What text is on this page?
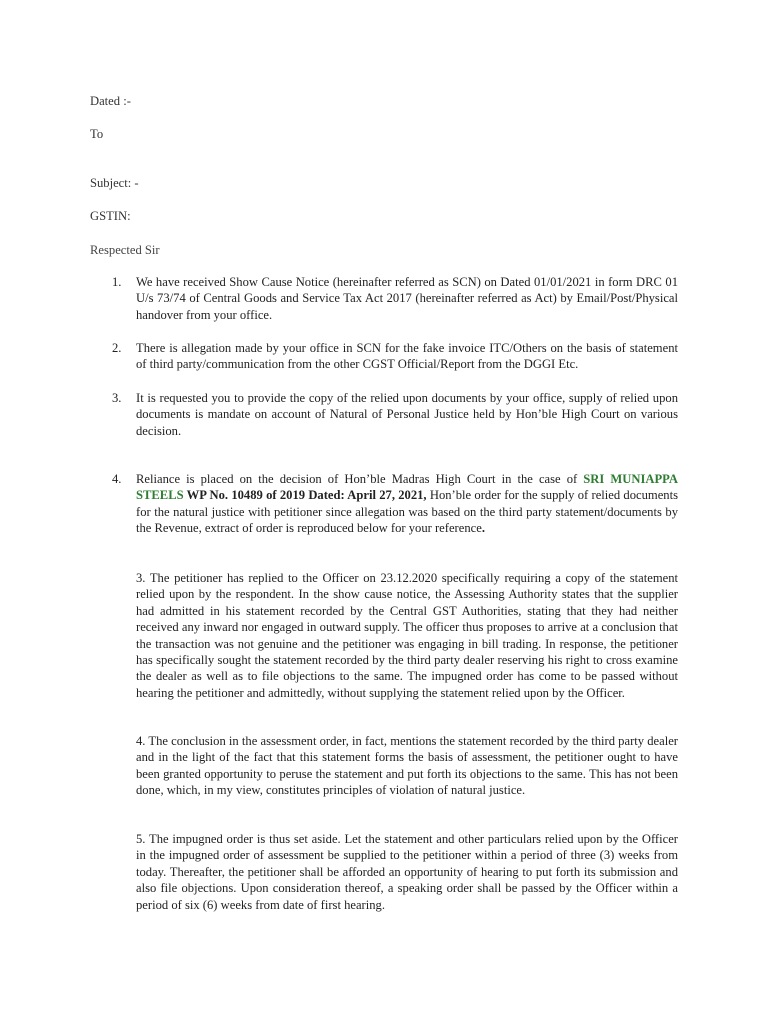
Dated :-
To
Subject: -
GSTIN:
Respected Sir
1. We have received Show Cause Notice (hereinafter referred as SCN) on Dated 01/01/2021 in form DRC 01 U/s 73/74 of Central Goods and Service Tax Act 2017 (hereinafter referred as Act) by Email/Post/Physical handover from your office.
2. There is allegation made by your office in SCN for the fake invoice ITC/Others on the basis of statement of third party/communication from the other CGST Official/Report from the DGGI Etc.
3. It is requested you to provide the copy of the relied upon documents by your office, supply of relied upon documents is mandate on account of Natural of Personal Justice held by Hon’ble High Court on various decision.
4. Reliance is placed on the decision of Hon’ble Madras High Court in the case of SRI MUNIAPPA STEELS WP No. 10489 of 2019 Dated: April 27, 2021, Hon’ble order for the supply of relied documents for the natural justice with petitioner since allegation was based on the third party statement/documents by the Revenue, extract of order is reproduced below for your reference.
3. The petitioner has replied to the Officer on 23.12.2020 specifically requiring a copy of the statement relied upon by the respondent. In the show cause notice, the Assessing Authority states that the supplier had admitted in his statement recorded by the Central GST Authorities, stating that they had neither received any inward nor engaged in outward supply. The officer thus proposes to arrive at a conclusion that the transaction was not genuine and the petitioner was engaging in bill trading. In response, the petitioner has specifically sought the statement recorded by the third party dealer reserving his right to cross examine the dealer as well as to file objections to the same. The impugned order has come to be passed without hearing the petitioner and admittedly, without supplying the statement relied upon by the Officer.
4. The conclusion in the assessment order, in fact, mentions the statement recorded by the third party dealer and in the light of the fact that this statement forms the basis of assessment, the petitioner ought to have been granted opportunity to peruse the statement and put forth its objections to the same. This has not been done, which, in my view, constitutes principles of violation of natural justice.
5. The impugned order is thus set aside. Let the statement and other particulars relied upon by the Officer in the impugned order of assessment be supplied to the petitioner within a period of three (3) weeks from today. Thereafter, the petitioner shall be afforded an opportunity of hearing to put forth its submission and also file objections. Upon consideration thereof, a speaking order shall be passed by the Officer within a period of six (6) weeks from date of first hearing.
